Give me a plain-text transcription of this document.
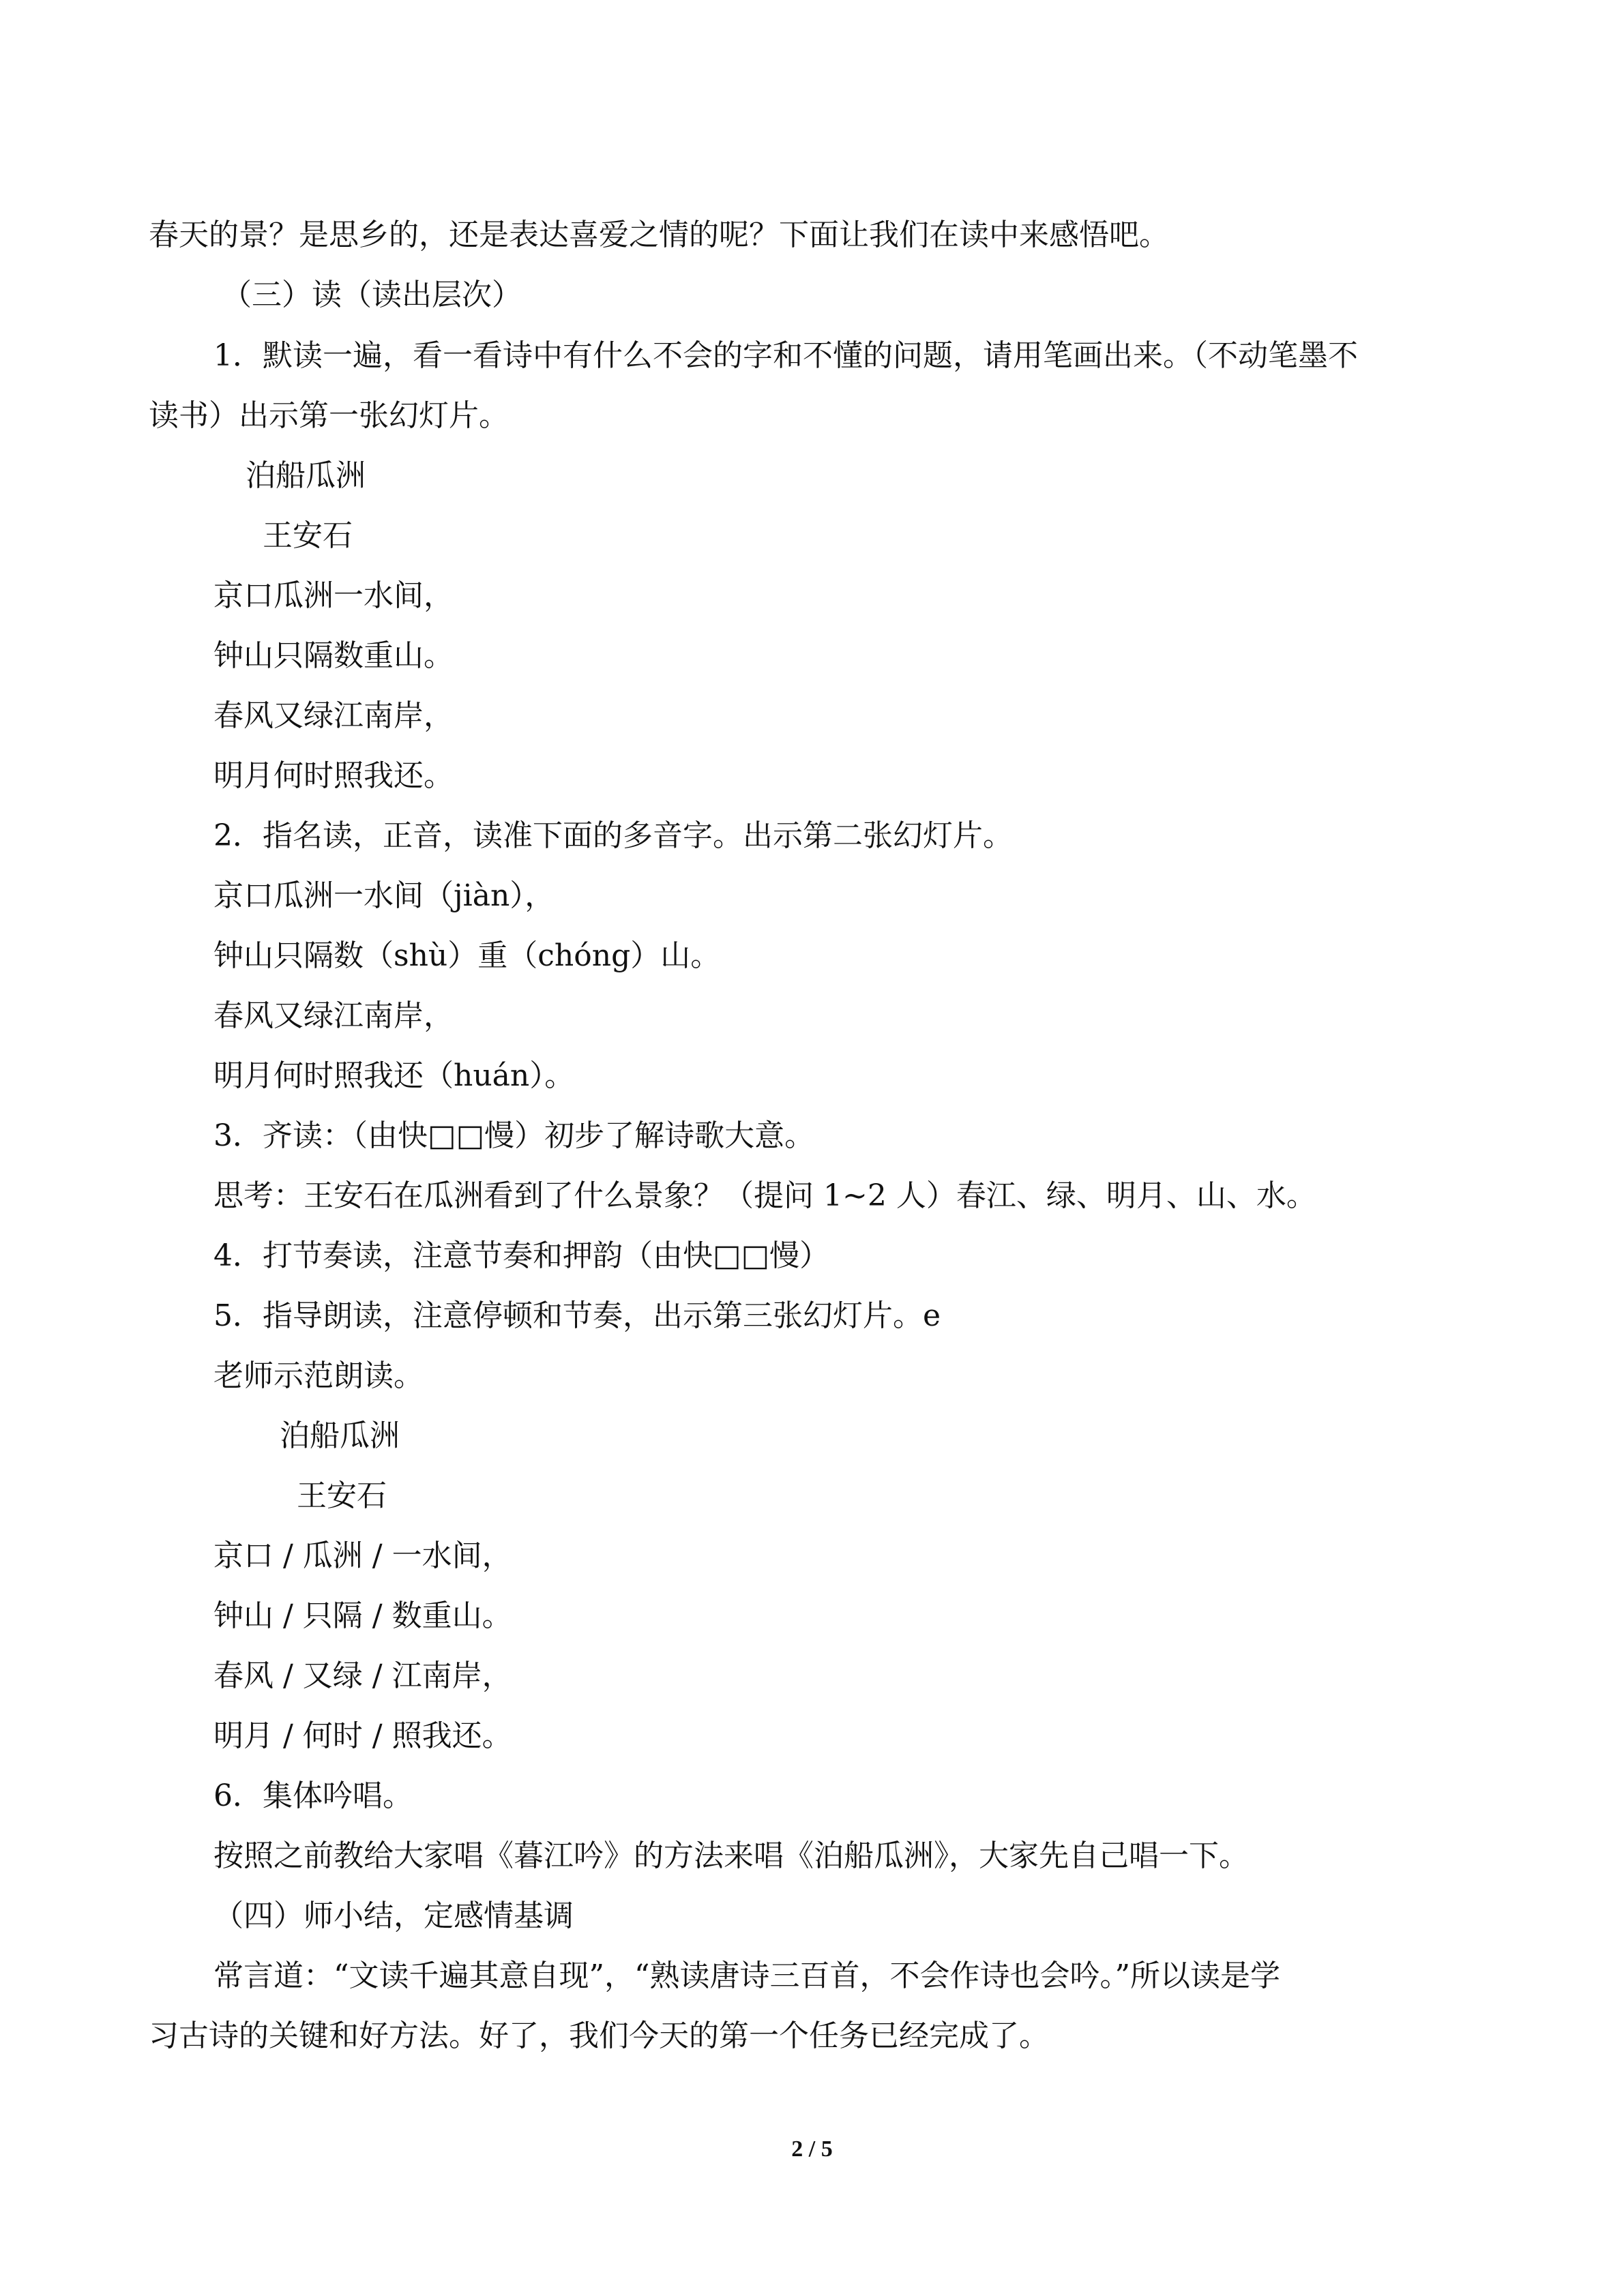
春天的景？是思乡的，还是表达喜爱之情的呢？下面让我们在读中来感悟吧。

（三）读（读出层次）

1．默读一遍，看一看诗中有什么不会的字和不懂的问题，请用笔画出来。（不动笔墨不

读书）出示第一张幻灯片。

泊船瓜洲

王安石

京口瓜洲一水间，

钟山只隔数重山。

春风又绿江南岸，

明月何时照我还。

2．指名读，正音，读准下面的多音字。出示第二张幻灯片。

京口瓜洲一水间（jiàn），

钟山只隔数（shù）重（chóng）山。

春风又绿江南岸，

明月何时照我还（huán）。

3．齐读：（由快□□慢）初步了解诗歌大意。

思考：王安石在瓜洲看到了什么景象？（提问 1~2 人）春江、绿、明月、山、水。

4．打节奏读，注意节奏和押韵（由快□□慢）

5．指导朗读，注意停顿和节奏，出示第三张幻灯片。e

老师示范朗读。

泊船瓜洲

王安石

京口 / 瓜洲 / 一水间，

钟山 / 只隔 / 数重山。

春风 / 又绿 / 江南岸，

明月 / 何时 / 照我还。

6．集体吟唱。

按照之前教给大家唱《暮江吟》的方法来唱《泊船瓜洲》，大家先自己唱一下。

（四）师小结，定感情基调

常言道：“文读千遍其意自现”，“熟读唐诗三百首，不会作诗也会吟。”所以读是学

习古诗的关键和好方法。好了，我们今天的第一个任务已经完成了。

2 / 5
